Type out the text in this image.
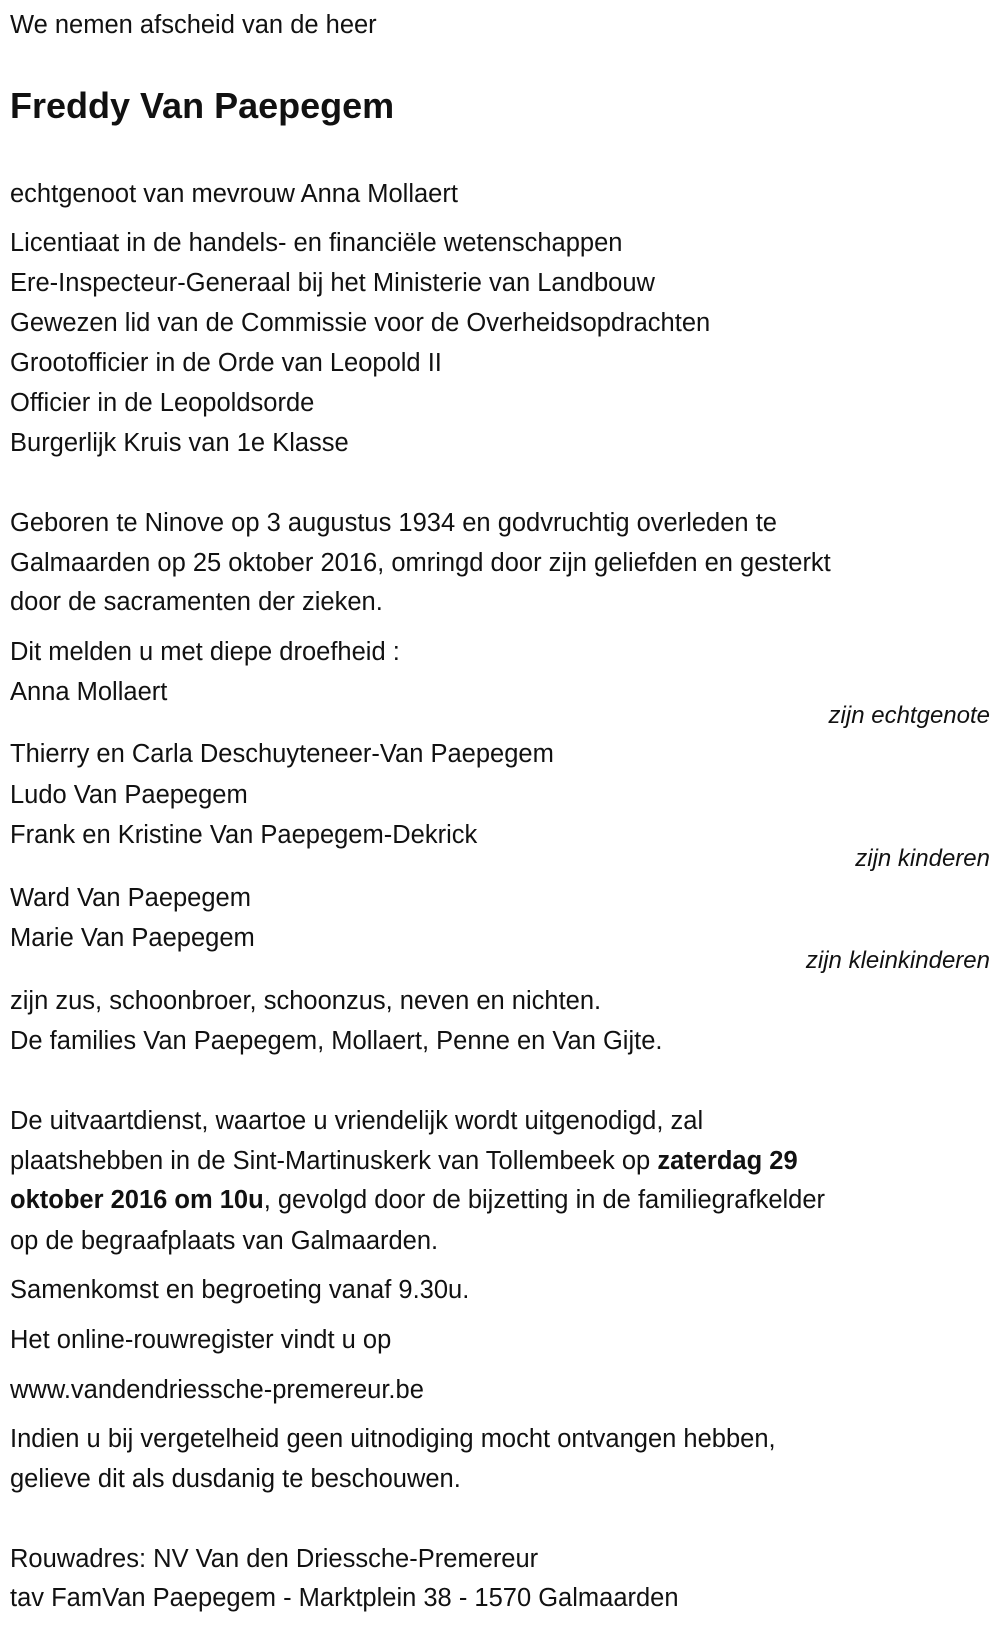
We nemen afscheid van de heer
Freddy Van Paepegem
echtgenoot van mevrouw Anna Mollaert
Licentiaat in de handels- en financiële wetenschappen
Ere-Inspecteur-Generaal bij het Ministerie van Landbouw
Gewezen lid van de Commissie voor de Overheidsopdrachten
Grootofficier in de Orde van Leopold II
Officier in de Leopoldsorde
Burgerlijk Kruis van 1e Klasse
Geboren te Ninove op 3 augustus 1934 en godvruchtig overleden te
Galmaarden op 25 oktober 2016, omringd door zijn geliefden en gesterkt
door de sacramenten der zieken.
Dit melden u met diepe droefheid :
Anna Mollaert
zijn echtgenote
Thierry en Carla Deschuyteneer-Van Paepegem
Ludo Van Paepegem
Frank en Kristine Van Paepegem-Dekrick
zijn kinderen
Ward Van Paepegem
Marie Van Paepegem
zijn kleinkinderen
zijn zus, schoonbroer, schoonzus, neven en nichten.
De families Van Paepegem, Mollaert, Penne en Van Gijte.
De uitvaartdienst, waartoe u vriendelijk wordt uitgenodigd, zal
plaatshebben in de Sint-Martinuskerk van Tollembeek op zaterdag 29
oktober 2016 om 10u, gevolgd door de bijzetting in de familiegrafkelder
op de begraafplaats van Galmaarden.
Samenkomst en begroeting vanaf 9.30u.
Het online-rouwregister vindt u op
www.vandendriessche-premereur.be
Indien u bij vergetelheid geen uitnodiging mocht ontvangen hebben,
gelieve dit als dusdanig te beschouwen.
Rouwadres: NV Van den Driessche-Premereur
tav FamVan Paepegem - Marktplein 38 - 1570 Galmaarden
